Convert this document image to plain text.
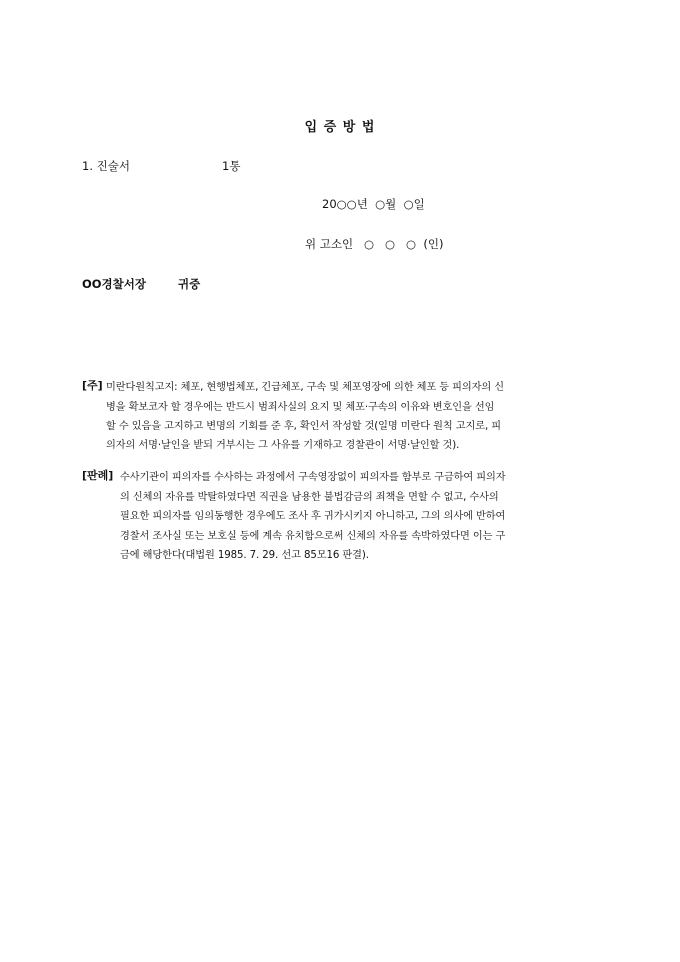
입 증 방 법
1. 진술서	1통
20○○년  ○월  ○일
위 고소인   ○   ○   ○  (인)
OO경찰서장	귀중
[주] 미란다원칙고지: 체포, 현행법체포, 긴급체포, 구속 및 체포영장에 의한 체포 등 피의자의 신
병을 확보코자 할 경우에는 반드시 범죄사실의 요지 및 체포·구속의 이유와 변호인을 선임
할 수 있음을 고지하고 변명의 기회를 준 후, 확인서 작성할 것(일명 미란다 원칙 고지로, 피
의자의 서명·날인을 받되 거부시는 그 사유를 기재하고 경찰관이 서명·날인할 것).
[판례] 수사기관이 피의자를 수사하는 과정에서 구속영장없이 피의자를 함부로 구금하여 피의자
의 신체의 자유를 박탈하였다면 직권을 남용한 불법감금의 죄책을 면할 수 없고, 수사의
필요한 피의자를 임의동행한 경우에도 조사 후 귀가시키지 아니하고, 그의 의사에 반하여
경찰서 조사실 또는 보호실 등에 계속 유치함으로써 신체의 자유를 속박하였다면 이는 구
금에 해당한다(대법원 1985. 7. 29. 선고 85모16 판결).
